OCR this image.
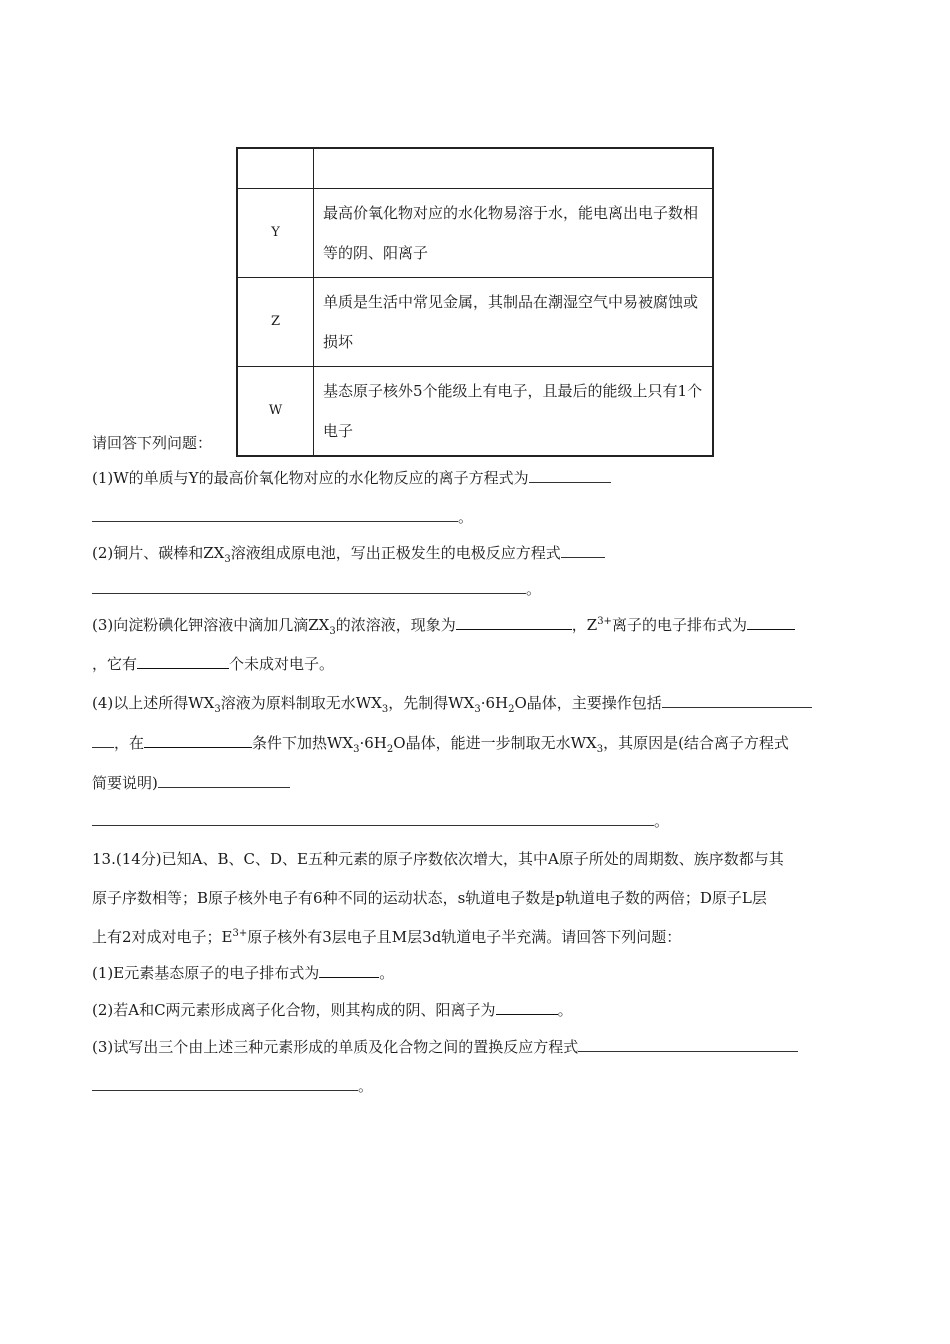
Y	最高价氧化物对应的水化物易溶于水，能电离出电子数相等的阴、阳离子
Z	单质是生活中常见金属，其制品在潮湿空气中易被腐蚀或损坏
W	基态原子核外5个能级上有电子，且最后的能级上只有1个电子
请回答下列问题：
(1)W的单质与Y的最高价氧化物对应的水化物反应的离子方程式为
。
(2)铜片、碳棒和$ZX_3$溶液组成原电池，写出正极发生的电极反应方程式
。
(3)向淀粉碘化钾溶液中滴加几滴$ZX_3$的浓溶液，现象为	，$Z^{3+}$离子的电子排布式为
，它有	个未成对电子。
(4)以上述所得$WX_3$溶液为原料制取无水$WX_3$，先制得$WX_3\cdot 6H_2O$晶体，主要操作包括
，在	条件下加热$WX_3\cdot 6H_2O$晶体，能进一步制取无水$WX_3$，其原因是(结合离子方程式
简要说明)
。
13.(14分)已知A、B、C、D、E五种元素的原子序数依次增大，其中A原子所处的周期数、族序数都与其
原子序数相等；B原子核外电子有6种不同的运动状态，s轨道电子数是p轨道电子数的两倍；D原子L层
上有2对成对电子；$E^{3+}$原子核外有3层电子且M层3d轨道电子半充满。请回答下列问题：
(1)E元素基态原子的电子排布式为	。
(2)若A和C两元素形成离子化合物，则其构成的阴、阳离子为	。
(3)试写出三个由上述三种元素形成的单质及化合物之间的置换反应方程式
。
